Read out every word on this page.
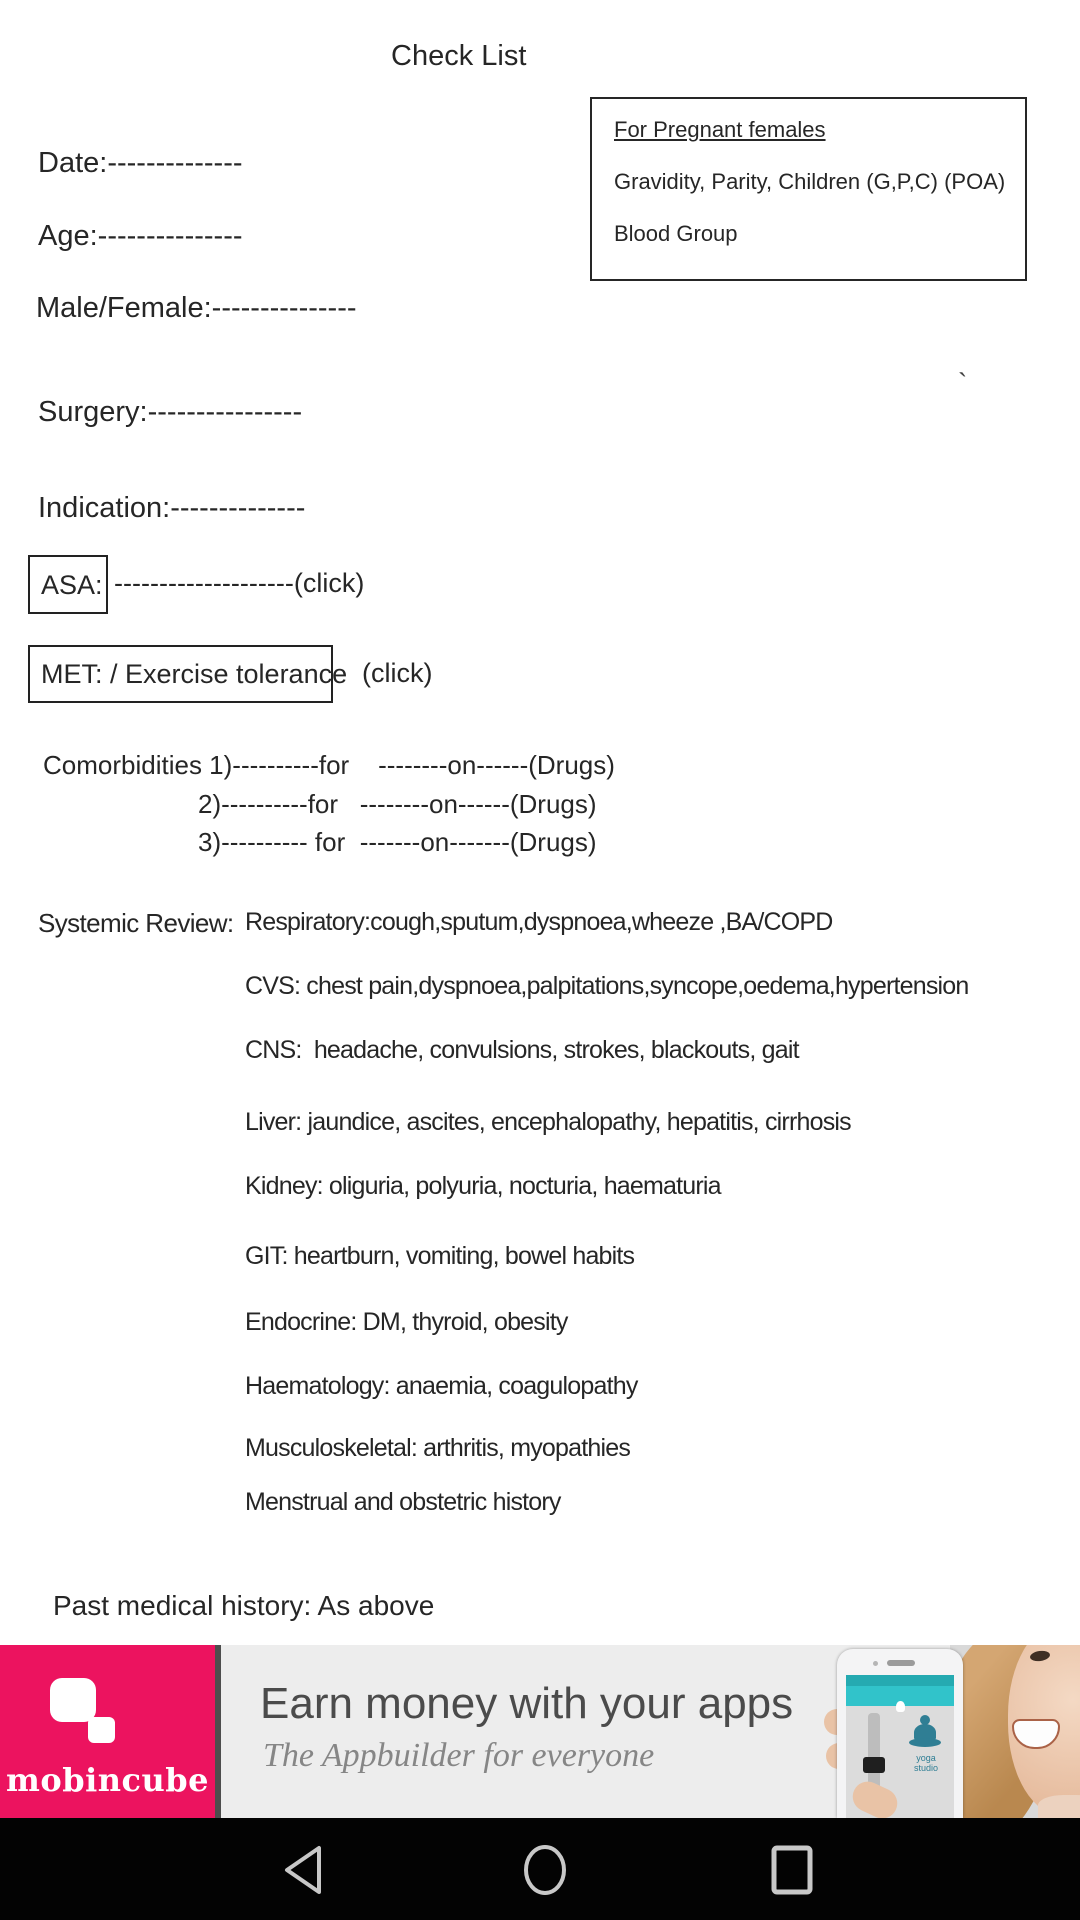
Check List
For Pregnant females
Gravidity, Parity, Children (G,P,C) (POA)
Blood Group
Date:--------------
Age:---------------
Male/Female:---------------
Surgery:----------------
Indication:--------------
`
ASA: --------------------(click)
MET: / Exercise tolerance (click)
Comorbidities 1)----------for    --------on------(Drugs)
2)----------for   --------on------(Drugs)
3)---------- for  -------on-------(Drugs)
Systemic Review: Respiratory:cough,sputum,dyspnoea,wheeze ,BA/COPD
CVS: chest pain,dyspnoea,palpitations,syncope,oedema,hypertension
CNS:  headache, convulsions, strokes, blackouts, gait
Liver: jaundice, ascites, encephalopathy, hepatitis, cirrhosis
Kidney: oliguria, polyuria, nocturia, haematuria
GIT: heartburn, vomiting, bowel habits
Endocrine: DM, thyroid, obesity
Haematology: anaemia, coagulopathy
Musculoskeletal: arthritis, myopathies
Menstrual and obstetric history
Past medical history: As above
mobincube
Earn money with your apps
The Appbuilder for everyone	yoga studio
